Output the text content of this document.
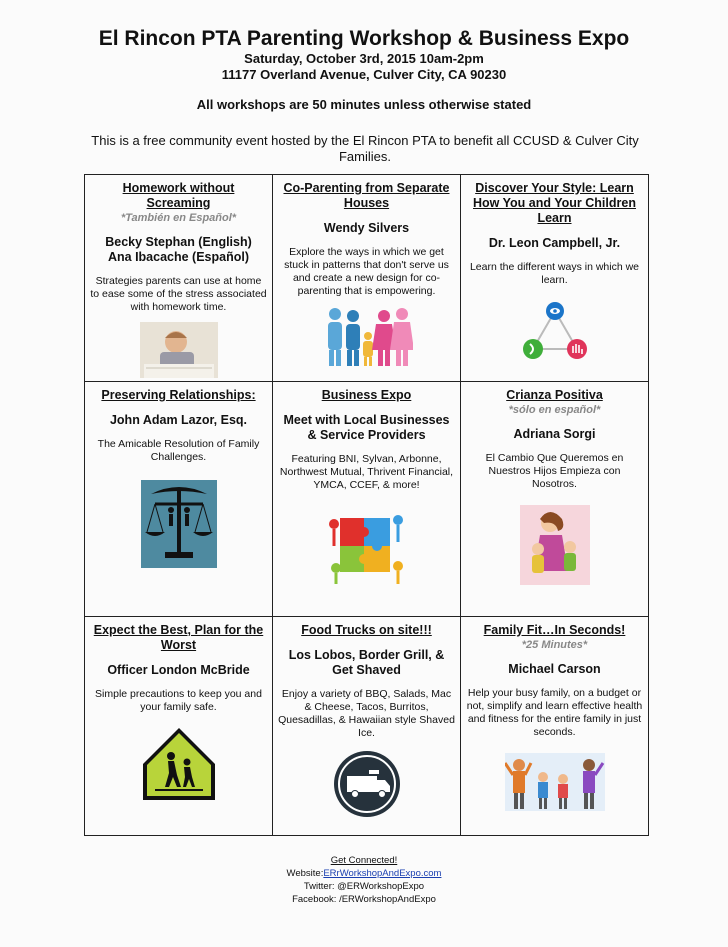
El Rincon PTA Parenting Workshop & Business Expo
Saturday, October 3rd, 2015 10am-2pm
11177 Overland Avenue, Culver City, CA 90230
All workshops are 50 minutes unless otherwise stated
This is a free community event hosted by the El Rincon PTA to benefit all CCUSD & Culver City Families.
Homework without Screaming
*También en Español*
Becky Stephan (English)
Ana Ibacache (Español)
Strategies parents can use at home to ease some of the stress associated with homework time.
Co-Parenting from Separate Houses
Wendy Silvers
Explore the ways in which we get stuck in patterns that don't serve us and create a new design for co-parenting that is empowering.
Discover Your Style: Learn How You and Your Children Learn
Dr. Leon Campbell, Jr.
Learn the different ways in which we learn.
Preserving Relationships:
John Adam Lazor, Esq.
The Amicable Resolution of Family Challenges.
Business Expo
Meet with Local Businesses & Service Providers
Featuring BNI, Sylvan, Arbonne, Northwest Mutual, Thrivent Financial, YMCA, CCEF, & more!
Crianza Positiva
*sólo en español*
Adriana Sorgi
El Cambio Que Queremos en Nuestros Hijos Empieza con Nosotros.
Expect the Best, Plan for the Worst
Officer London McBride
Simple precautions to keep you and your family safe.
Food Trucks on site!!!
Los Lobos, Border Grill, & Get Shaved
Enjoy a variety of BBQ, Salads, Mac & Cheese, Tacos, Burritos, Quesadillas, & Hawaiian style Shaved Ice.
Family Fit…In Seconds!
*25 Minutes*
Michael Carson
Help your busy family, on a budget or not, simplify and learn effective health and fitness for the entire family in just seconds.
Get Connected!
Website:ERrWorkshopAndExpo.com
Twitter: @ERWorkshopExpo
Facebook: /ERWorkshopAndExpo
